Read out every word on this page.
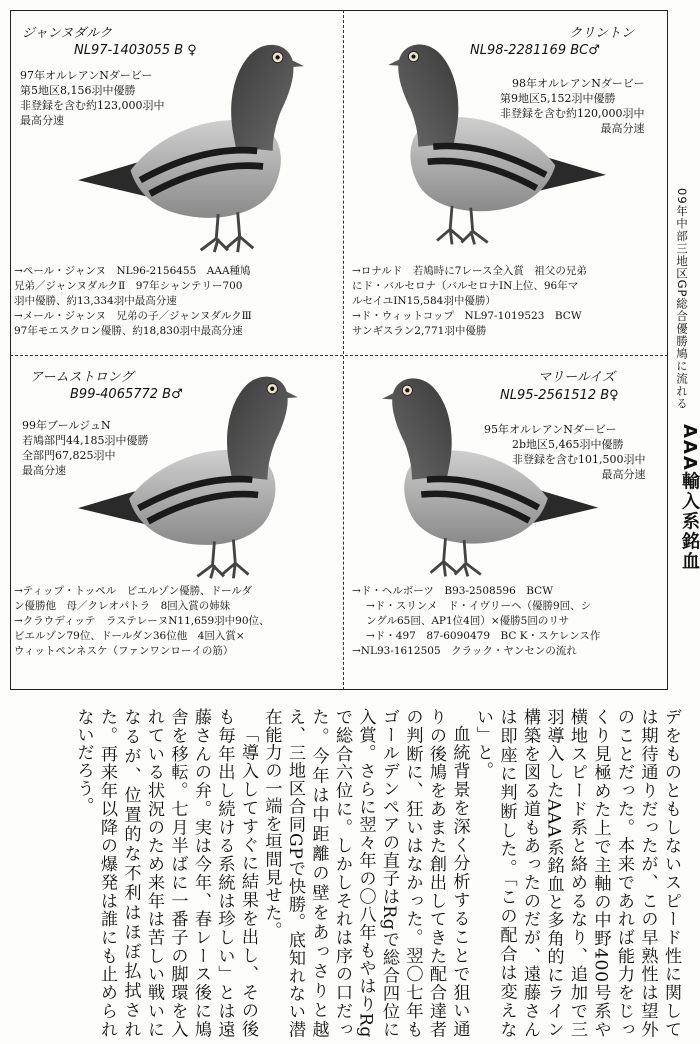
ジャンヌダルク
NL97-1403055 B ♀
97年オルレアンNダービー
第5地区8,156羽中優勝
非登録を含む約123,000羽中
最高分速
→ペール・ジャンヌ　NL96-2156455　AAA種鳩
兄弟／ジャンヌダルクⅡ　97年シャンテリー700
羽中優勝、約13,334羽中最高分速
→メール・ジャンヌ　兄弟の子／ジャンヌダルクⅢ
97年モエスクロン優勝、約18,830羽中最高分速
クリントン
NL98-2281169 BC♂
98年オルレアンNダービー
第9地区5,152羽中優勝
非登録を含む約120,000羽中
最高分速
→ロナルド　若鳩時に7レース全入賞　祖父の兄弟
にド・バルセロナ（バルセロナIN上位、96年マ
ルセイユIN15,584羽中優勝）
→ド・ウィットコップ　NL97-1019523　BCW
サンギスラン2,771羽中優勝
アームストロング
B99-4065772 B♂
99年ブールジュN
若鳩部門44,185羽中優勝
全部門67,825羽中
最高分速
→ティップ・トッペル　ビエルゾン優勝、ドールダ
ン優勝他　母／クレオパトラ　8回入賞の姉妹
→クラウディッテ　ラステレーヌN11,659羽中90位、
ビエルゾン79位、ドールダン36位他　4回入賞×
ウィットペンネスケ（ファンワンローイの筋）
マリールイズ
NL95-2561512 B♀
95年オルレアンNダービー
2b地区5,465羽中優勝
非登録を含む101,500羽中
最高分速
→ド・ヘルボーツ　B93-2508596　BCW
→ド・スリンメ　ド・イヴリーヘ（優勝9回、シ
ングル65回、AP1位4回）×優勝5回のリサ
→ド・497　87-6090479　BC K・スケレンス作
→NL93-1612505　クラック・ヤンセンの流れ
09年中部三地区GP総合優勝鳩に流れる
AAA輸入系銘血

デをものともしないスピード性に関しては期待通りだったが、この早熟性は望外のことだった。本来であれば能力をじっくり見極めた上で主軸の中野400号系や横地スピード系と絡めるなり、追加で三羽導入したAAA系銘血と多角的にライン構築を図る道もあったのだが、遠藤さんは即座に判断した。「この配合は変えない」と。

血統背景を深く分析することで狙い通りの後鳩をあまた創出してきた配合達者の判断に、狂いはなかった。翌〇七年もゴールデンペアの直子はRgで総合四位に入賞。さらに翌々年の〇八年もやはりRgで総合六位に。しかしそれは序の口だった。今年は中距離の壁をあっさりと越え、三地区合同GPで快勝。底知れない潜在能力の一端を垣間見せた。

「導入してすぐに結果を出し、その後も毎年出し続ける系統は珍しい」とは遠藤さんの弁。実は今年、春レース後に鳩舎を移転。七月半ばに一番子の脚環を入れている状況のため来年は苦しい戦いになるが、位置的な不利はほぼ払拭された。再来年以降の爆発は誰にも止められないだろう。
